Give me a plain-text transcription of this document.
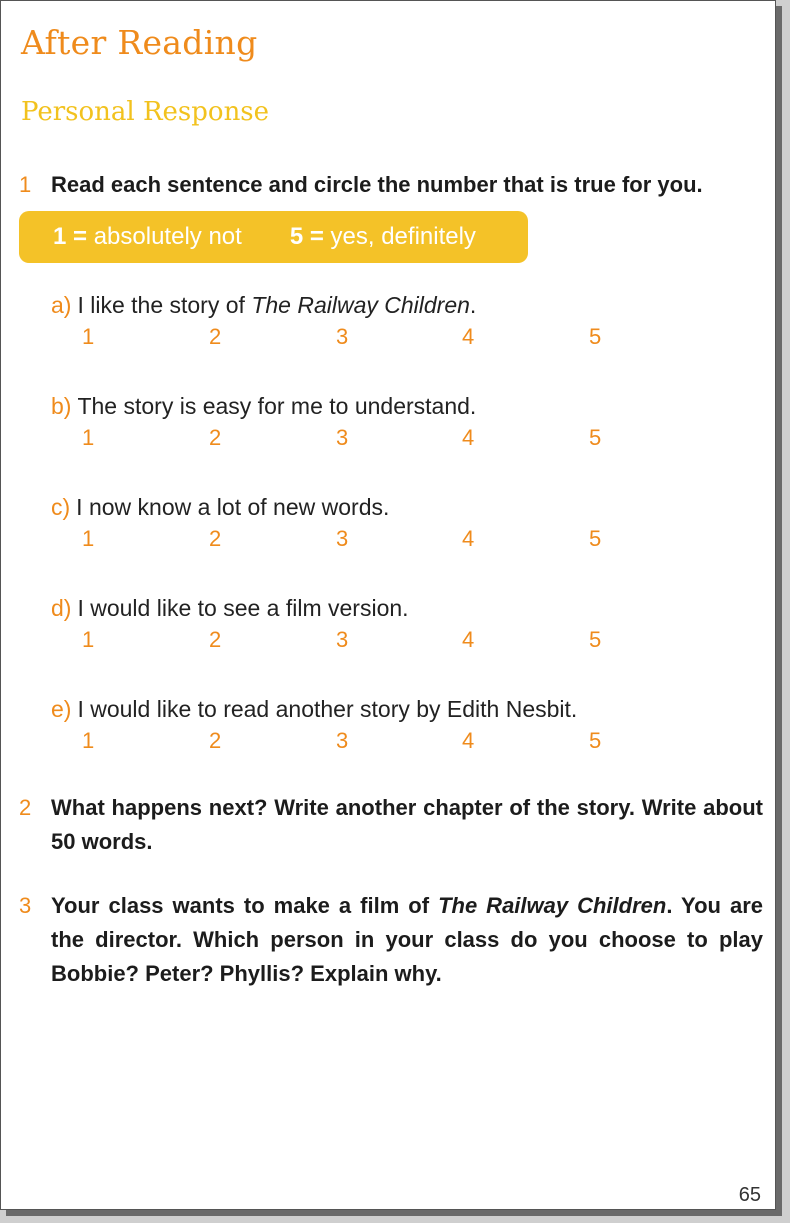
After Reading
Personal Response
1 Read each sentence and circle the number that is true for you.
1 =
absolutely not 5 =
yes, definitely
a) I like the story of The Railway Children.
1	2	3	4	5
b) The story is easy for me to understand.
1	2	3	4	5
c) I now know a lot of new words.
1	2	3	4	5
d) I would like to see a film version.
1	2	3	4	5
e) I would like to read another story by Edith Nesbit.
1	2	3	4	5
2 What happens next? Write another chapter of the story. Write about 50 words.
3 Your class wants to make a film of The Railway Children. You are the director. Which person in your class do you choose to play Bobbie? Peter? Phyllis? Explain why.
65
